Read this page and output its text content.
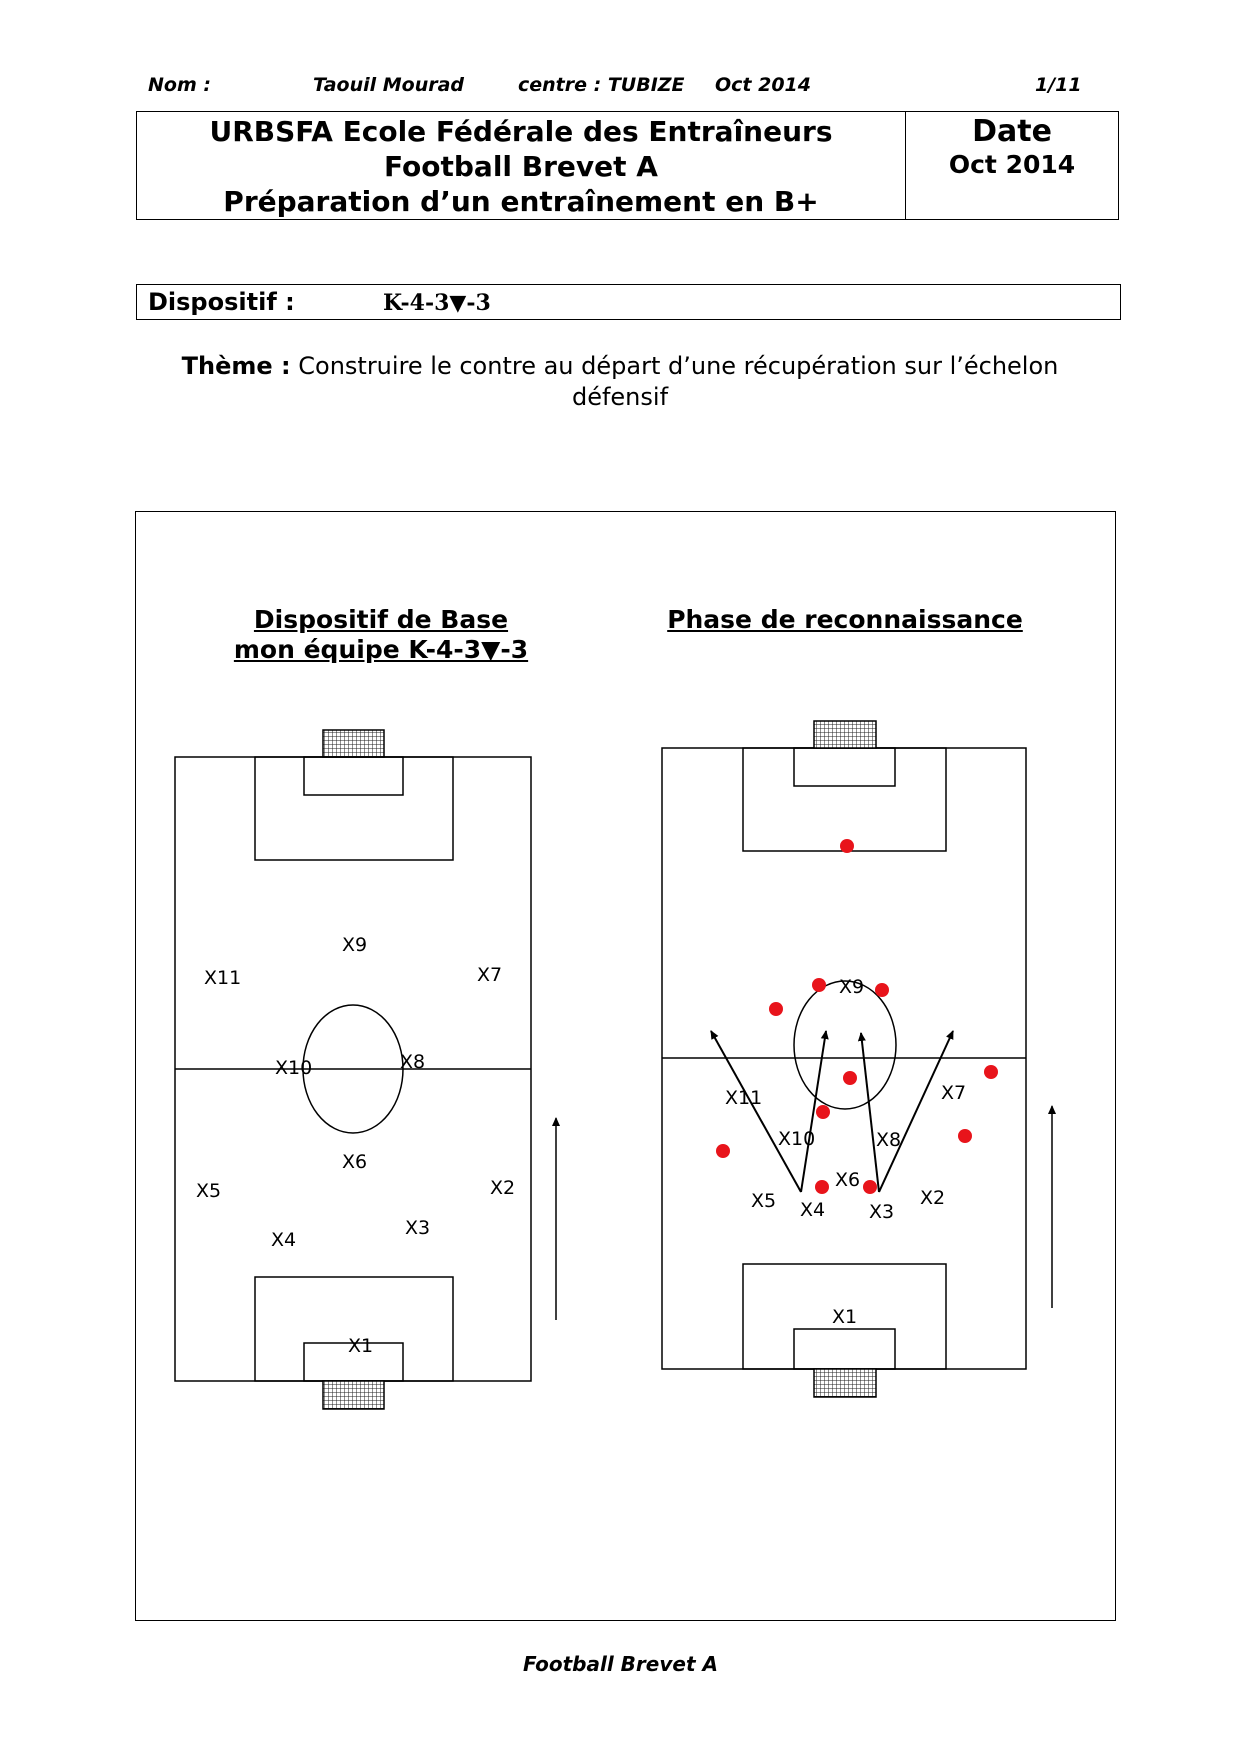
Nom :	Taouil Mourad	centre : TUBIZE Oct 2014	1/11
URBSFA Ecole Fédérale des Entraîneurs
Football Brevet A
Préparation d’un entraînement en B+
Date
Oct 2014
Dispositif :	K-4-3▼-3
Thème : Construire le contre au départ d’une récupération sur l’échelon défensif
Dispositif de Base
mon équipe K-4-3▼-3
Phase de reconnaissance
X9
X11	X7
X10	X8
X6
X5	X2
X4
X3
X1
X9
X11	X7
X10	X8
X6
X5	X2
X4 X3
X1
Football Brevet A
